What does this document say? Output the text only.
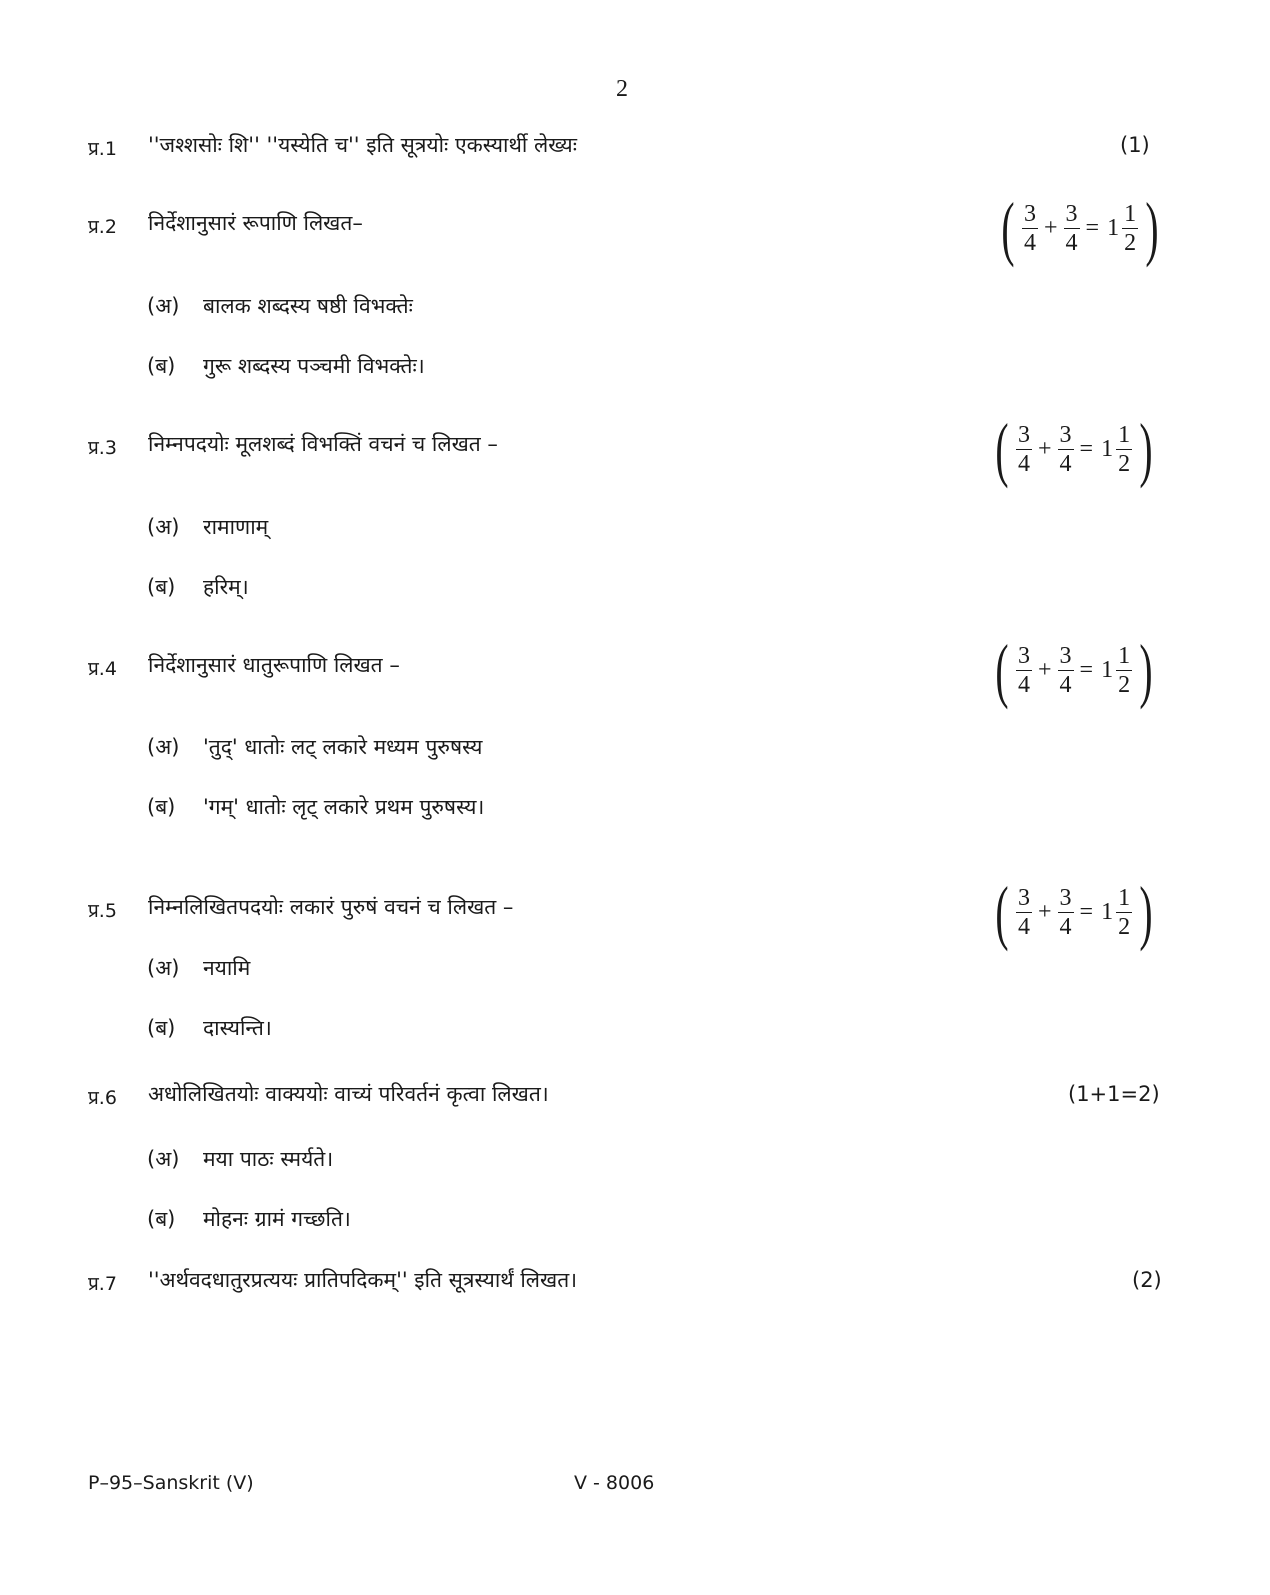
2
प्र.1 ''जश्शसोः शि'' ''यस्येति च'' इति सूत्रयोः एकस्यार्थी लेख्यः	(1)
प्र.2 निर्देशानुसारं रूपाणि लिखत–	( $\frac{3}{4} + \frac{3}{4} = 1 \frac{1}{2}$ )
(अ) बालक शब्दस्य षष्ठी विभक्तेः
(ब) गुरू शब्दस्य पञ्चमी विभक्तेः।
प्र.3 निम्नपदयोः मूलशब्दं विभक्तिं वचनं च लिखत –	( $\frac{3}{4} + \frac{3}{4} = 1 \frac{1}{2}$ )
(अ) रामाणाम्
(ब) हरिम्।
प्र.4 निर्देशानुसारं धातुरूपाणि लिखत –	( $\frac{3}{4} + \frac{3}{4} = 1 \frac{1}{2}$ )
(अ) 'तुद्' धातोः लट् लकारे मध्यम पुरुषस्य
(ब) 'गम्' धातोः लृट् लकारे प्रथम पुरुषस्य।
प्र.5 निम्नलिखितपदयोः लकारं पुरुषं वचनं च लिखत –	( $\frac{3}{4} + \frac{3}{4} = 1 \frac{1}{2}$ )
(अ) नयामि
(ब) दास्यन्ति।
प्र.6 अधोलिखितयोः वाक्ययोः वाच्यं परिवर्तनं कृत्वा लिखत।	(1+1=2)
(अ) मया पाठः स्मर्यते।
(ब) मोहनः ग्रामं गच्छति।
प्र.7 ''अर्थवदधातुरप्रत्ययः प्रातिपदिकम्'' इति सूत्रस्यार्थं लिखत।	(2)
P–95–Sanskrit (V)	V - 8006
